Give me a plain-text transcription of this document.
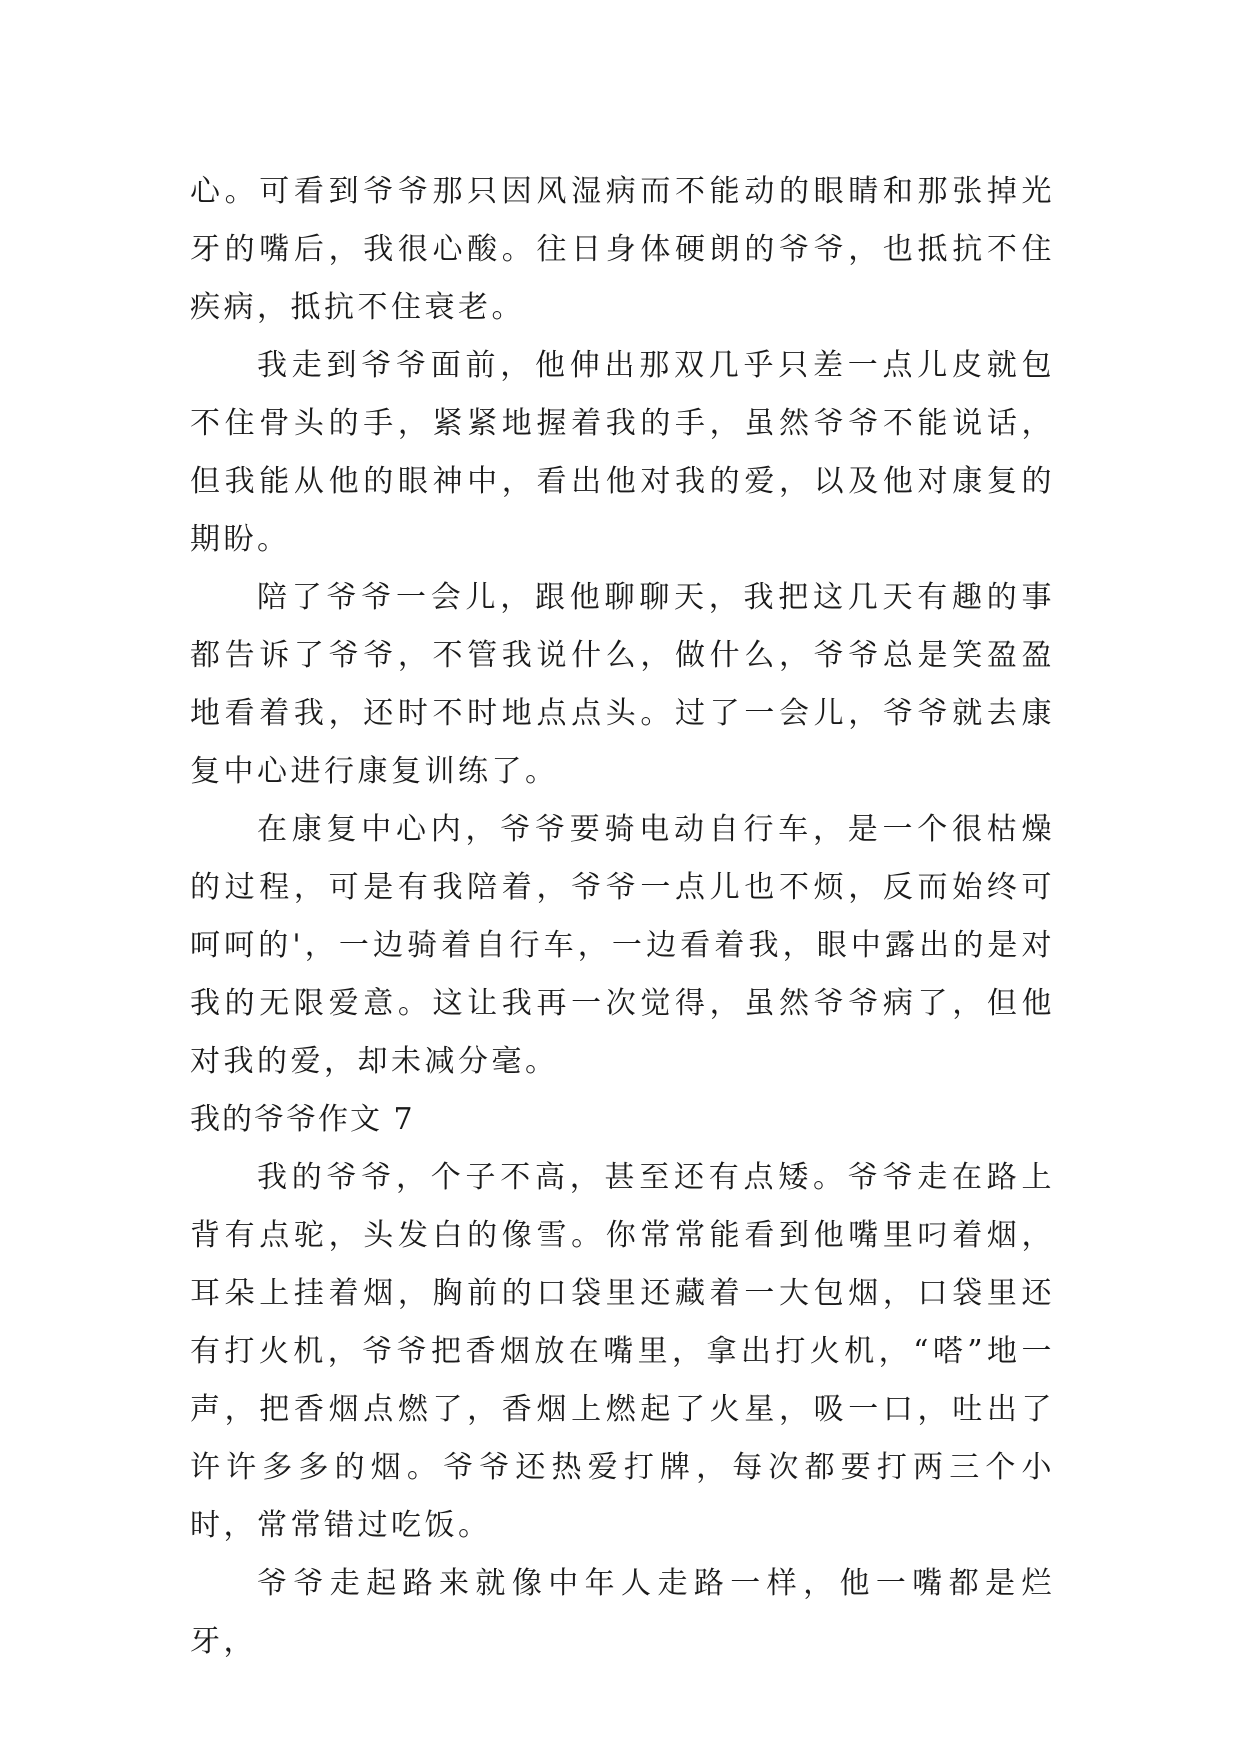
心。可看到爷爷那只因风湿病而不能动的眼睛和那张掉光牙的嘴后，我很心酸。往日身体硬朗的爷爷，也抵抗不住疾病，抵抗不住衰老。

我走到爷爷面前，他伸出那双几乎只差一点儿皮就包不住骨头的手，紧紧地握着我的手，虽然爷爷不能说话，但我能从他的眼神中，看出他对我的爱，以及他对康复的期盼。

陪了爷爷一会儿，跟他聊聊天，我把这几天有趣的事都告诉了爷爷，不管我说什么，做什么，爷爷总是笑盈盈地看着我，还时不时地点点头。过了一会儿，爷爷就去康复中心进行康复训练了。

在康复中心内，爷爷要骑电动自行车，是一个很枯燥的过程，可是有我陪着，爷爷一点儿也不烦，反而始终可呵呵的'，一边骑着自行车，一边看着我，眼中露出的是对我的无限爱意。这让我再一次觉得，虽然爷爷病了，但他对我的爱，却未减分毫。

我的爷爷作文 7

我的爷爷，个子不高，甚至还有点矮。爷爷走在路上背有点驼，头发白的像雪。你常常能看到他嘴里叼着烟，耳朵上挂着烟，胸前的口袋里还藏着一大包烟，口袋里还有打火机，爷爷把香烟放在嘴里，拿出打火机，“嗒”地一声，把香烟点燃了，香烟上燃起了火星，吸一口，吐出了许许多多的烟。爷爷还热爱打牌，每次都要打两三个小时，常常错过吃饭。

爷爷走起路来就像中年人走路一样，他一嘴都是烂牙，
